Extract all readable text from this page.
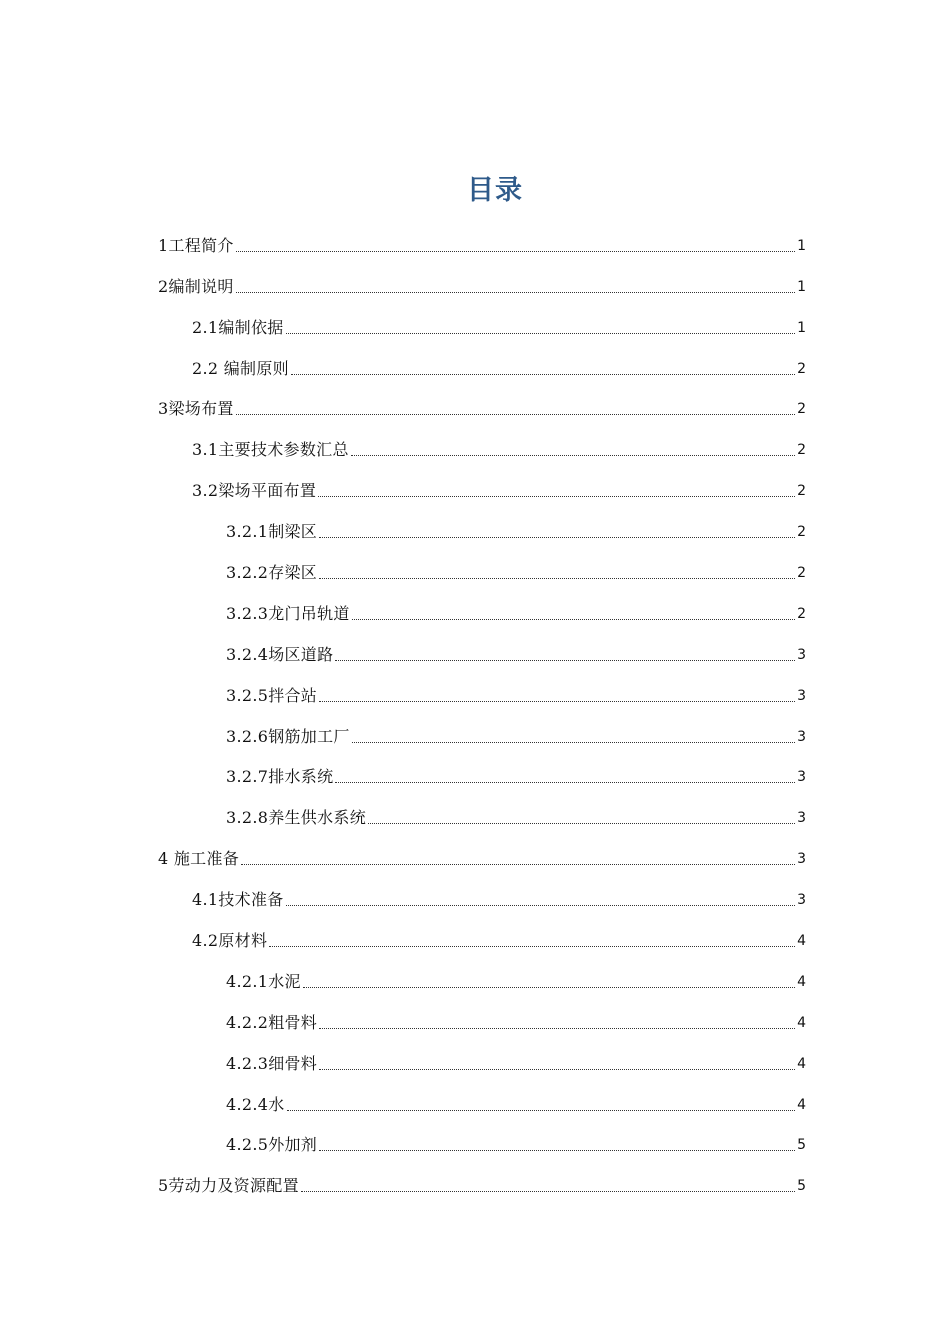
目录
1工程简介	1
2编制说明	1
2.1编制依据	1
2.2 编制原则	2
3梁场布置	2
3.1主要技术参数汇总	2
3.2梁场平面布置	2
3.2.1制梁区	2
3.2.2存梁区	2
3.2.3龙门吊轨道	2
3.2.4场区道路	3
3.2.5拌合站	3
3.2.6钢筋加工厂	3
3.2.7排水系统	3
3.2.8养生供水系统	3
4 施工准备	3
4.1技术准备	3
4.2原材料	4
4.2.1水泥	4
4.2.2粗骨料	4
4.2.3细骨料	4
4.2.4水	4
4.2.5外加剂	5
5劳动力及资源配置	5
